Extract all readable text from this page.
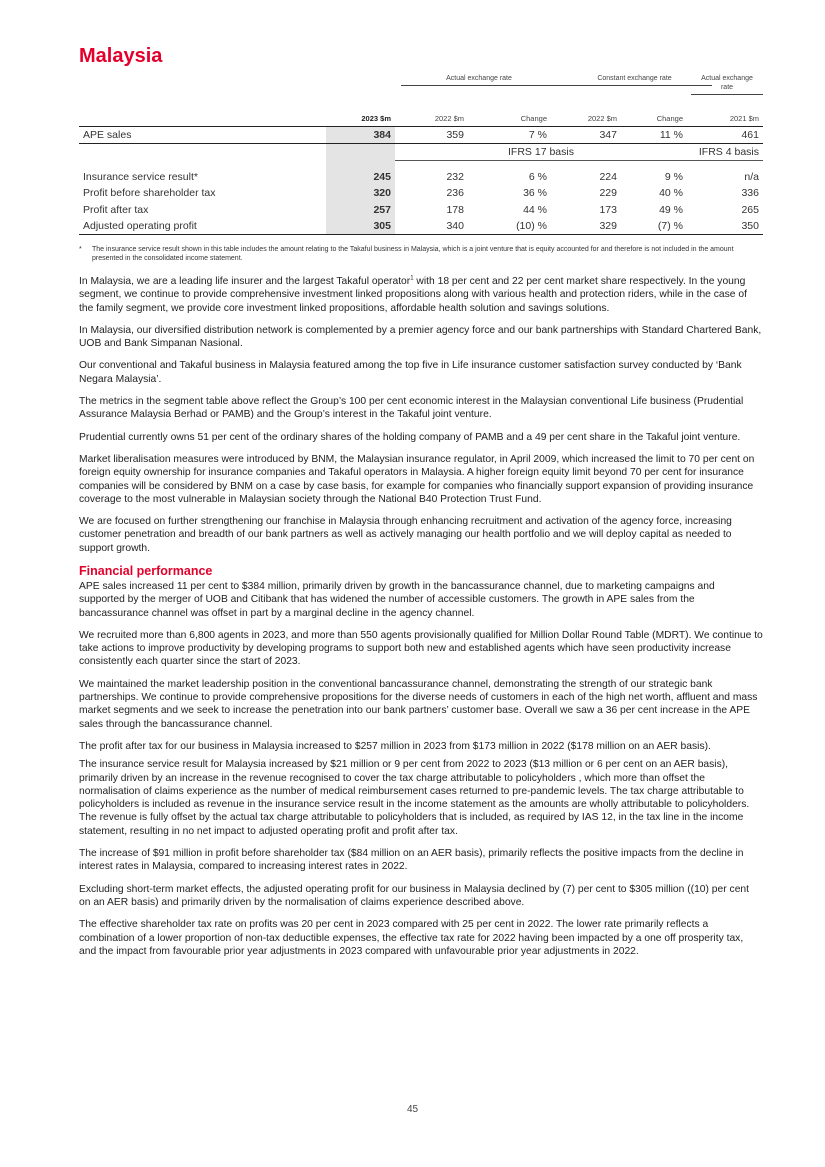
Malaysia
Actual exchange rate	Constant exchange rate	Actual exchange
rate
	2023 $m	2022 $m	Change	2022 $m	Change	2021 $m
APE sales	384	359	7 %	347	11 %	461
		IFRS 17 basis				IFRS 4 basis

Insurance service result*	245	232	6 %	224	9 %	n/a
Profit before shareholder tax	320	236	36 %	229	40 %	336
Profit after tax	257	178	44 %	173	49 %	265
Adjusted operating profit	305	340	(10) %	329	(7) %	350
*	The insurance service result shown in this table includes the amount relating to the Takaful business in Malaysia, which is a joint venture that is equity accounted for and therefore is not included in the amount presented in the consolidated income statement.

In Malaysia, we are a leading life insurer and the largest Takaful operator$^1$ with 18 per cent and 22 per cent market share respectively. In the young segment, we continue to provide comprehensive investment linked propositions along with various health and protection riders, while in the case of the family segment, we provide core investment linked propositions, affordable health solution and savings solutions.

In Malaysia, our diversified distribution network is complemented by a premier agency force and our bank partnerships with Standard Chartered Bank, UOB and Bank Simpanan Nasional.

Our conventional and Takaful business in Malaysia featured among the top five in Life insurance customer satisfaction survey conducted by ‘Bank Negara Malaysia’.

The metrics in the segment table above reflect the Group’s 100 per cent economic interest in the Malaysian conventional Life business (Prudential Assurance Malaysia Berhad or PAMB) and the Group’s interest in the Takaful joint venture.

Prudential currently owns 51 per cent of the ordinary shares of the holding company of PAMB and a 49 per cent share in the Takaful joint venture.

Market liberalisation measures were introduced by BNM, the Malaysian insurance regulator, in April 2009, which increased the limit to 70 per cent on foreign equity ownership for insurance companies and Takaful operators in Malaysia. A higher foreign equity limit beyond 70 per cent for insurance companies will be considered by BNM on a case by case basis, for example for companies who financially support expansion of providing insurance coverage to the most vulnerable in Malaysian society through the National B40 Protection Trust Fund.

We are focused on further strengthening our franchise in Malaysia through enhancing recruitment and activation of the agency force, increasing customer penetration and breadth of our bank partners as well as actively managing our health portfolio and we will deploy capital as needed to support growth.

Financial performance

APE sales increased 11 per cent to $384 million, primarily driven by growth in the bancassurance channel, due to marketing campaigns and supported by the merger of UOB and Citibank that has widened the number of accessible customers. The growth in APE sales from the bancassurance channel was offset in part by a marginal decline in the agency channel.

We recruited more than 6,800 agents in 2023, and more than 550 agents provisionally qualified for Million Dollar Round Table (MDRT). We continue to take actions to improve productivity by developing programs to support both new and established agents which have seen productivity increase consistently each quarter since the start of 2023.

We maintained the market leadership position in the conventional bancassurance channel, demonstrating the strength of our strategic bank partnerships. We continue to provide comprehensive propositions for the diverse needs of customers in each of the high net worth, affluent and mass market segments and we seek to increase the penetration into our bank partners’ customer base. Overall we saw a 36 per cent increase in the APE sales through the bancassurance channel.

The profit after tax for our business in Malaysia increased to $257 million in 2023 from $173 million in 2022 ($178 million on an AER basis).

The insurance service result for Malaysia increased by $21 million or 9 per cent from 2022 to 2023 ($13 million or 6 per cent on an AER basis), primarily driven by an increase in the revenue recognised to cover the tax charge attributable to policyholders , which more than offset the normalisation of claims experience as the number of medical reimbursement cases returned to pre-pandemic levels. The tax charge attributable to policyholders is included as revenue in the insurance service result in the income statement as the amounts are wholly attributable to policyholders. The revenue is fully offset by the actual tax charge attributable to policyholders that is included, as required by IAS 12, in the tax line in the income statement, resulting in no net impact to adjusted operating profit and profit after tax.

The increase of $91 million in profit before shareholder tax ($84 million on an AER basis), primarily reflects the positive impacts from the decline in interest rates in Malaysia, compared to increasing interest rates in 2022.

Excluding short-term market effects, the adjusted operating profit for our business in Malaysia declined by (7) per cent to $305 million ((10) per cent on an AER basis) and primarily driven by the normalisation of claims experience described above.

The effective shareholder tax rate on profits was 20 per cent in 2023 compared with 25 per cent in 2022. The lower rate primarily reflects a combination of a lower proportion of non-tax deductible expenses, the effective tax rate for 2022 having been impacted by a one off prosperity tax, and the impact from favourable prior year adjustments in 2023 compared with unfavourable prior year adjustments in 2022.

45
